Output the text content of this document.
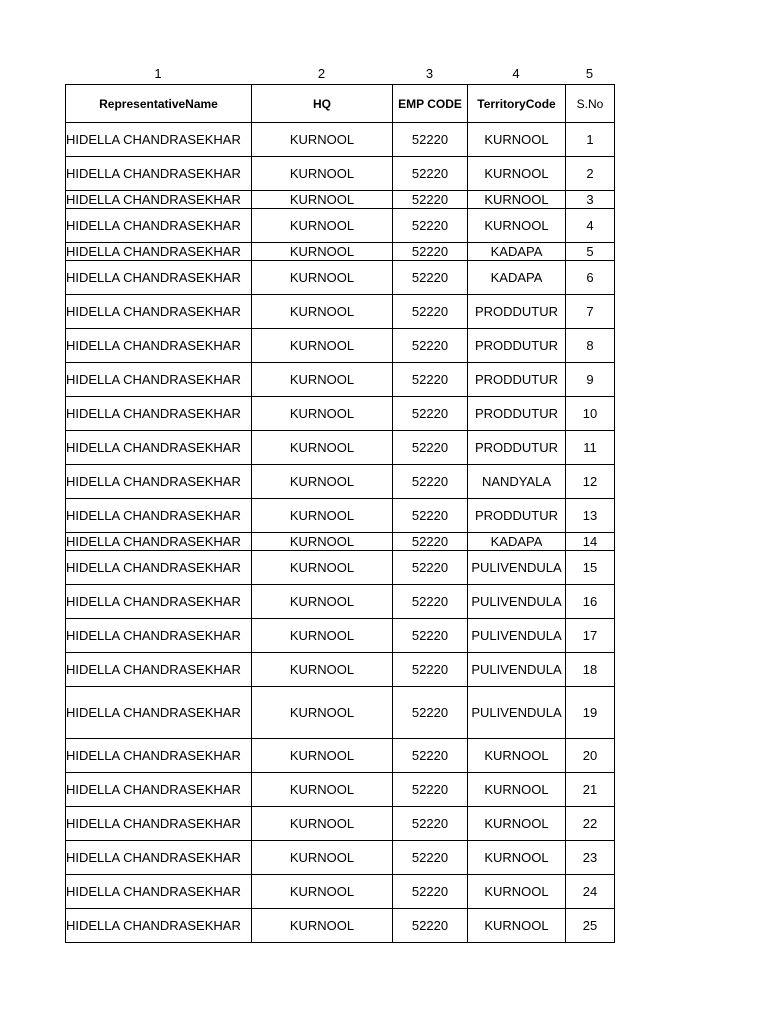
1	2	3	4	5
RepresentativeName	HQ	EMP CODE	TerritoryCode	S.No
HIDELLA CHANDRASEKHAR	KURNOOL	52220	KURNOOL	1
HIDELLA CHANDRASEKHAR	KURNOOL	52220	KURNOOL	2
HIDELLA CHANDRASEKHAR	KURNOOL	52220	KURNOOL	3
HIDELLA CHANDRASEKHAR	KURNOOL	52220	KURNOOL	4
HIDELLA CHANDRASEKHAR	KURNOOL	52220	KADAPA	5
HIDELLA CHANDRASEKHAR	KURNOOL	52220	KADAPA	6
HIDELLA CHANDRASEKHAR	KURNOOL	52220	PRODDUTUR	7
HIDELLA CHANDRASEKHAR	KURNOOL	52220	PRODDUTUR	8
HIDELLA CHANDRASEKHAR	KURNOOL	52220	PRODDUTUR	9
HIDELLA CHANDRASEKHAR	KURNOOL	52220	PRODDUTUR	10
HIDELLA CHANDRASEKHAR	KURNOOL	52220	PRODDUTUR	11
HIDELLA CHANDRASEKHAR	KURNOOL	52220	NANDYALA	12
HIDELLA CHANDRASEKHAR	KURNOOL	52220	PRODDUTUR	13
HIDELLA CHANDRASEKHAR	KURNOOL	52220	KADAPA	14
HIDELLA CHANDRASEKHAR	KURNOOL	52220	PULIVENDULA	15
HIDELLA CHANDRASEKHAR	KURNOOL	52220	PULIVENDULA	16
HIDELLA CHANDRASEKHAR	KURNOOL	52220	PULIVENDULA	17
HIDELLA CHANDRASEKHAR	KURNOOL	52220	PULIVENDULA	18
HIDELLA CHANDRASEKHAR	KURNOOL	52220	PULIVENDULA	19
HIDELLA CHANDRASEKHAR	KURNOOL	52220	KURNOOL	20
HIDELLA CHANDRASEKHAR	KURNOOL	52220	KURNOOL	21
HIDELLA CHANDRASEKHAR	KURNOOL	52220	KURNOOL	22
HIDELLA CHANDRASEKHAR	KURNOOL	52220	KURNOOL	23
HIDELLA CHANDRASEKHAR	KURNOOL	52220	KURNOOL	24
HIDELLA CHANDRASEKHAR	KURNOOL	52220	KURNOOL	25
